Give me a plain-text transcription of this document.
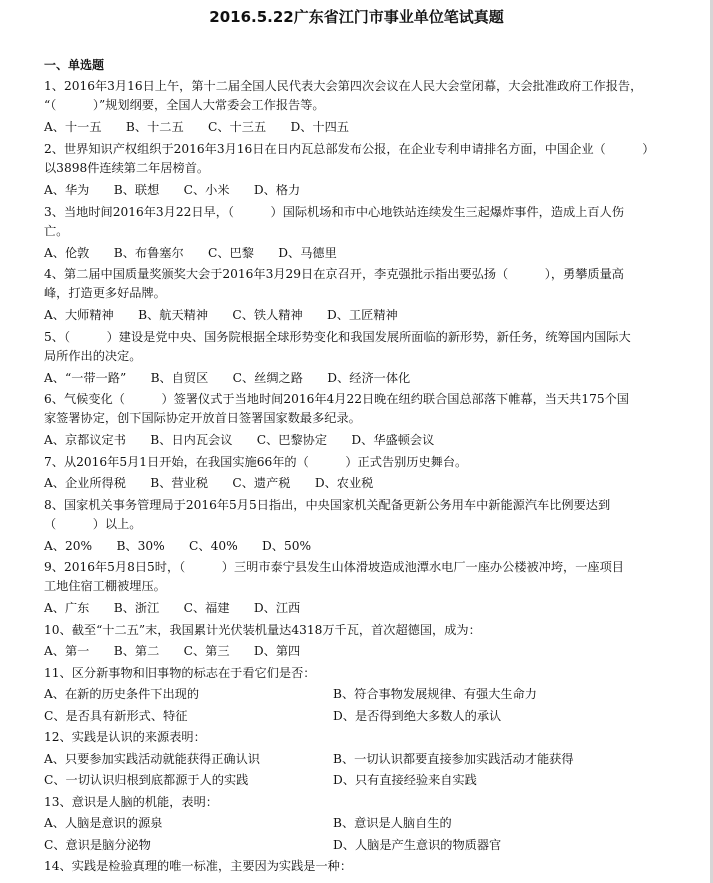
2016.5.22广东省江门市事业单位笔试真题
一、单选题
1、2016年3月16日上午，第十二届全国人民代表大会第四次会议在人民大会堂闭幕，大会批准政府工作报告，
“（　　　）”规划纲要，全国人大常委会工作报告等。
A、十一五　　B、十二五　　C、十三五　　D、十四五
2、世界知识产权组织于2016年3月16日在日内瓦总部发布公报，在企业专利申请排名方面，中国企业（　　　）
以3898件连续第二年居榜首。
A、华为　　B、联想　　C、小米　　D、格力
3、当地时间2016年3月22日早，（　　　）国际机场和市中心地铁站连续发生三起爆炸事件，造成上百人伤
亡。
A、伦敦　　B、布鲁塞尔　　C、巴黎　　D、马德里
4、第二届中国质量奖颁奖大会于2016年3月29日在京召开，李克强批示指出要弘扬（　　　），勇攀质量高
峰，打造更多好品牌。
A、大师精神　　B、航天精神　　C、铁人精神　　D、工匠精神
5、（　　　）建设是党中央、国务院根据全球形势变化和我国发展所面临的新形势，新任务，统筹国内国际大
局所作出的决定。
A、“一带一路”　　B、自贸区　　C、丝绸之路　　D、经济一体化
6、气候变化（　　　）签署仪式于当地时间2016年4月22日晚在纽约联合国总部落下帷幕，当天共175个国
家签署协定，创下国际协定开放首日签署国家数最多纪录。
A、京都议定书　　B、日内瓦会议　　C、巴黎协定　　D、华盛顿会议
7、从2016年5月1日开始，在我国实施66年的（　　　）正式告别历史舞台。
A、企业所得税　　B、营业税　　C、遗产税　　D、农业税
8、国家机关事务管理局于2016年5月5日指出，中央国家机关配备更新公务用车中新能源汽车比例要达到
（　　　）以上。
A、20%　　B、30%　　C、40%　　D、50%
9、2016年5月8日5时，（　　　）三明市泰宁县发生山体滑坡造成池潭水电厂一座办公楼被冲垮，一座项目
工地住宿工棚被埋压。
A、广东　　B、浙江　　C、福建　　D、江西
10、截至“十二五”末，我国累计光伏装机量达4318万千瓦，首次超德国，成为：
A、第一　　B、第二　　C、第三　　D、第四
11、区分新事物和旧事物的标志在于看它们是否：
A、在新的历史条件下出现的	B、符合事物发展规律、有强大生命力
C、是否具有新形式、特征	D、是否得到绝大多数人的承认
12、实践是认识的来源表明：
A、只要参加实践活动就能获得正确认识	B、一切认识都要直接参加实践活动才能获得
C、一切认识归根到底都源于人的实践	D、只有直接经验来自实践
13、意识是人脑的机能，表明：
A、人脑是意识的源泉	B、意识是人脑自生的
C、意识是脑分泌物	D、人脑是产生意识的物质器官
14、实践是检验真理的唯一标准，主要因为实践是一种：
